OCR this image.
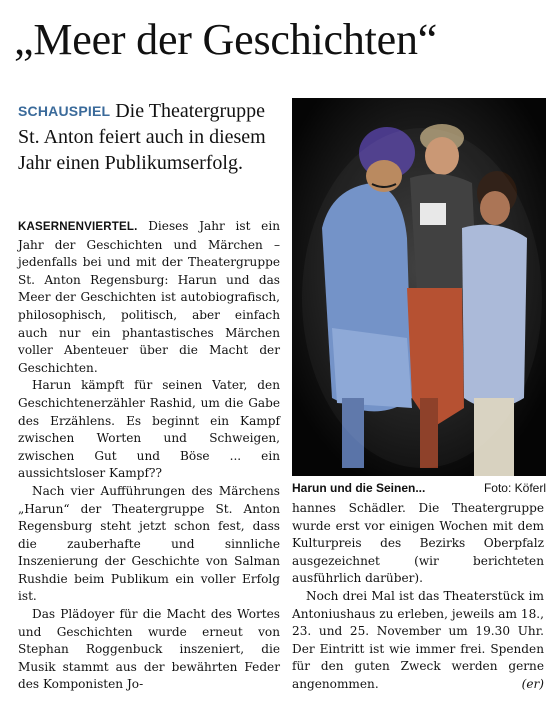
„Meer der Geschichten“
SCHAUSPIEL Die Theatergruppe St. Anton feiert auch in diesem Jahr einen Publikumserfolg.

KASERNENVIERTEL. Dieses Jahr ist ein Jahr der Geschichten und Märchen – jedenfalls bei und mit der Theatergruppe St. Anton Regensburg: Harun und das Meer der Geschichten ist autobiografisch, philosophisch, politisch, aber einfach auch nur ein phantastisches Märchen voller Abenteuer über die Macht der Geschichten.

Harun kämpft für seinen Vater, den Geschichtenerzähler Rashid, um die Gabe des Erzählens. Es beginnt ein Kampf zwischen Worten und Schweigen, zwischen Gut und Böse ... ein aussichtsloser Kampf??

Nach vier Aufführungen des Märchens „Harun“ der Theatergruppe St. Anton Regensburg steht jetzt schon fest, dass die zauberhafte und sinnliche Inszenierung der Geschichte von Salman Rushdie beim Publikum ein voller Erfolg ist.

Das Plädoyer für die Macht des Wortes und Geschichten wurde erneut von Stephan Roggenbuck inszeniert, die Musik stammt aus der bewährten Feder des Komponisten Jo-

Harun und die Seinen...	Foto: Köferl

hannes Schädler. Die Theatergruppe wurde erst vor einigen Wochen mit dem Kulturpreis des Bezirks Oberpfalz ausgezeichnet (wir berichteten ausführlich darüber).

Noch drei Mal ist das Theaterstück im Antoniushaus zu erleben, jeweils am 18., 23. und 25. November um 19.30 Uhr. Der Eintritt ist wie immer frei. Spenden für den guten Zweck werden gerne angenommen.	(er)
